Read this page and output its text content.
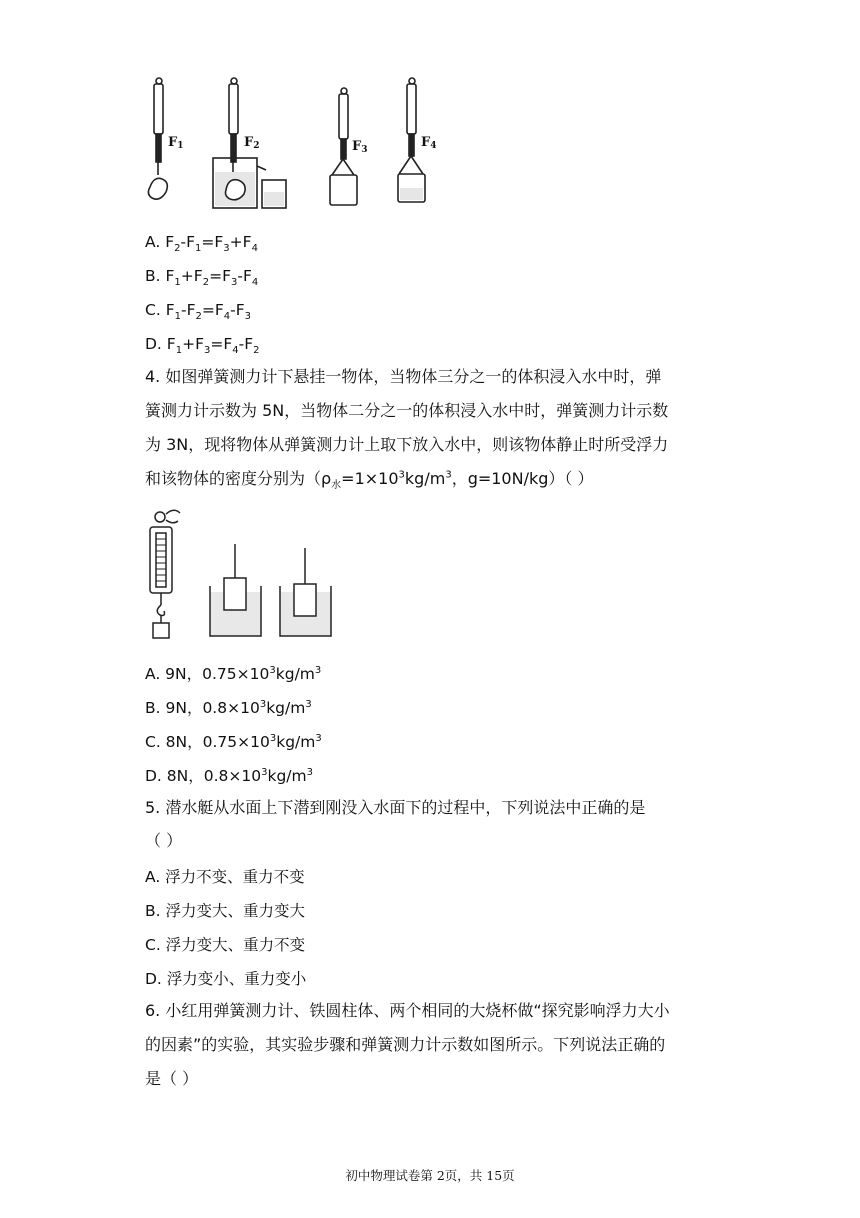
F1	F2	F3	F4
A. $F_2-F_1=F_3+F_4$
B. $F_1+F_2=F_3-F_4$
C. $F_1-F_2=F_4-F_3$
D. $F_1+F_3=F_4-F_2$
4. 如图弹簧测力计下悬挂一物体，当物体三分之一的体积浸入水中时，弹
簧测力计示数为 5N，当物体二分之一的体积浸入水中时，弹簧测力计示数
为 3N，现将物体从弹簧测力计上取下放入水中，则该物体静止时所受浮力
和该物体的密度分别为（$\rho_水=1\times 10^3kg/m^3$，g=10N/kg）（ ）
A. 9N，$0.75\times 10^3kg/m^3$
B. 9N，$0.8\times 10^3kg/m^3$
C. 8N，$0.75\times 10^3kg/m^3$
D. 8N，$0.8\times 10^3kg/m^3$
5. 潜水艇从水面上下潜到刚没入水面下的过程中，下列说法中正确的是
（ ）
A. 浮力不变、重力不变
B. 浮力变大、重力变大
C. 浮力变大、重力不变
D. 浮力变小、重力变小
6. 小红用弹簧测力计、铁圆柱体、两个相同的大烧杯做“探究影响浮力大小
的因素”的实验，其实验步骤和弹簧测力计示数如图所示。下列说法正确的
是（ ）
初中物理试卷第 2页，共 15页
